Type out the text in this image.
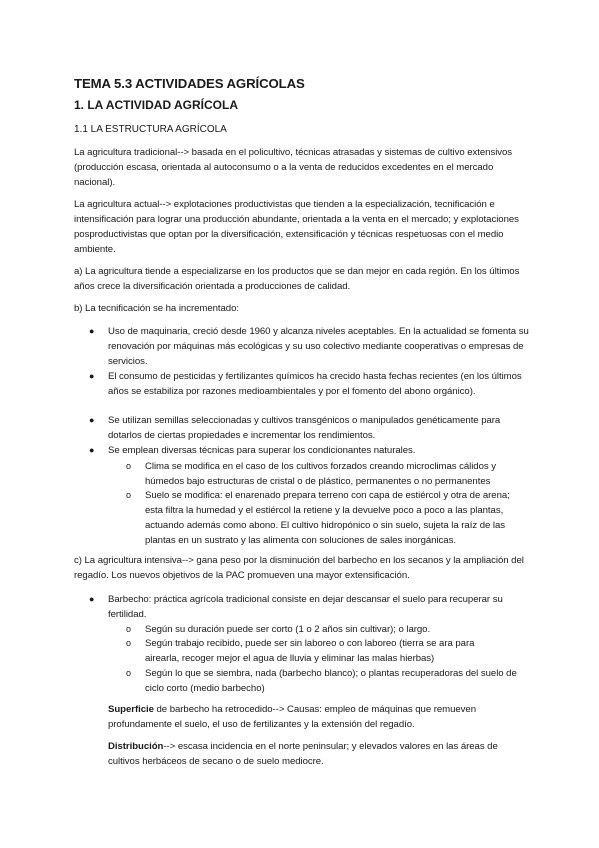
TEMA 5.3 ACTIVIDADES AGRÍCOLAS
1. LA ACTIVIDAD AGRÍCOLA
1.1 LA ESTRUCTURA AGRÍCOLA
La agricultura tradicional--> basada en el policultivo, técnicas atrasadas y sistemas de cultivo extensivos (producción escasa, orientada al autoconsumo o a la venta de reducidos excedentes en el mercado nacional).
La agricultura actual--> explotaciones productivistas que tienden a la especialización, tecnificación e intensificación para lograr una producción abundante, orientada a la venta en el mercado; y explotaciones posproductivistas que optan por la diversificación, extensificación y técnicas respetuosas con el medio ambiente.
a) La agricultura tiende a especializarse en los productos que se dan mejor en cada región. En los últimos años crece la diversificación orientada a producciones de calidad.
b) La tecnificación se ha incrementado:
● Uso de maquinaria, creció desde 1960 y alcanza niveles aceptables. En la actualidad se fomenta su renovación por máquinas más ecológicas y su uso colectivo mediante cooperativas o empresas de servicios.
● El consumo de pesticidas y fertilizantes químicos ha crecido hasta fechas recientes (en los últimos años se estabiliza por razones medioambientales y por el fomento del abono orgánico).
● Se utilizan semillas seleccionadas y cultivos transgénicos o manipulados genéticamente para dotarlos de ciertas propiedades e incrementar los rendimientos.
● Se emplean diversas técnicas para superar los condicionantes naturales.
o Clima se modifica en el caso de los cultivos forzados creando microclimas cálidos y húmedos bajo estructuras de cristal o de plástico, permanentes o no permanentes
o Suelo se modifica: el enarenado prepara terreno con capa de estiércol y otra de arena; esta filtra la humedad y el estiércol la retiene y la devuelve poco a poco a las plantas, actuando además como abono. El cultivo hidropónico o sin suelo, sujeta la raíz de las plantas en un sustrato y las alimenta con soluciones de sales inorgánicas.
c) La agricultura intensiva--> gana peso por la disminución del barbecho en los secanos y la ampliación del regadío. Los nuevos objetivos de la PAC promueven una mayor extensificación.
● Barbecho: práctica agrícola tradicional consiste en dejar descansar el suelo para recuperar su fertilidad.
o Según su duración puede ser corto (1 o 2 años sin cultivar); o largo.
o Según trabajo recibido, puede ser sin laboreo o con laboreo (tierra se ara para airearla, recoger mejor el agua de lluvia y eliminar las malas hierbas)
o Según lo que se siembra, nada (barbecho blanco); o plantas recuperadoras del suelo de ciclo corto (medio barbecho)
Superficie de barbecho ha retrocedido--> Causas: empleo de máquinas que remueven profundamente el suelo, el uso de fertilizantes y la extensión del regadío.
Distribución--> escasa incidencia en el norte peninsular; y elevados valores en las áreas de cultivos herbáceos de secano o de suelo mediocre.
